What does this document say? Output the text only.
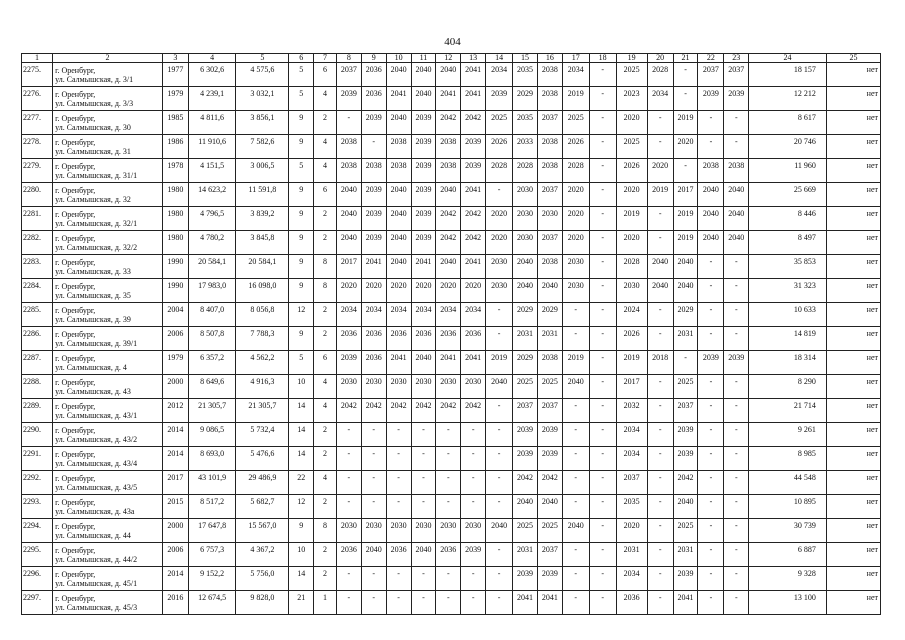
404
1	2	3	4	5	6	7	8	9	10	11	12	13	14	15	16	17	18	19	20	21	22	23	24	25
2275.	г. Оренбург,
ул. Салмышская, д. 3/1	1977	6 302,6	4 575,6	5	6	2037	2036	2040	2040	2040	2041	2034	2035	2038	2034	-	2025	2028	-	2037	2037	18 157	нет
2276.	г. Оренбург,
ул. Салмышская, д. 3/3	1979	4 239,1	3 032,1	5	4	2039	2036	2041	2040	2041	2041	2039	2029	2038	2019	-	2023	2034	-	2039	2039	12 212	нет
2277.	г. Оренбург,
ул. Салмышская, д. 30	1985	4 811,6	3 856,1	9	2	-	2039	2040	2039	2042	2042	2025	2035	2037	2025	-	2020	-	2019	-	-	8 617	нет
2278.	г. Оренбург,
ул. Салмышская, д. 31	1986	11 910,6	7 582,6	9	4	2038	-	2038	2039	2038	2039	2026	2033	2038	2026	-	2025	-	2020	-	-	20 746	нет
2279.	г. Оренбург,
ул. Салмышская, д. 31/1	1978	4 151,5	3 006,5	5	4	2038	2038	2038	2039	2038	2039	2028	2028	2038	2028	-	2026	2020	-	2038	2038	11 960	нет
2280.	г. Оренбург,
ул. Салмышская, д. 32	1980	14 623,2	11 591,8	9	6	2040	2039	2040	2039	2040	2041	-	2030	2037	2020	-	2020	2019	2017	2040	2040	25 669	нет
2281.	г. Оренбург,
ул. Салмышская, д. 32/1	1980	4 796,5	3 839,2	9	2	2040	2039	2040	2039	2042	2042	2020	2030	2030	2020	-	2019	-	2019	2040	2040	8 446	нет
2282.	г. Оренбург,
ул. Салмышская, д. 32/2	1980	4 780,2	3 845,8	9	2	2040	2039	2040	2039	2042	2042	2020	2030	2037	2020	-	2020	-	2019	2040	2040	8 497	нет
2283.	г. Оренбург,
ул. Салмышская, д. 33	1990	20 584,1	20 584,1	9	8	2017	2041	2040	2041	2040	2041	2030	2040	2038	2030	-	2028	2040	2040	-	-	35 853	нет
2284.	г. Оренбург,
ул. Салмышская, д. 35	1990	17 983,0	16 098,0	9	8	2020	2020	2020	2020	2020	2020	2030	2040	2040	2030	-	2030	2040	2040	-	-	31 323	нет
2285.	г. Оренбург,
ул. Салмышская, д. 39	2004	8 407,0	8 056,8	12	2	2034	2034	2034	2034	2034	2034	-	2029	2029	-	-	2024	-	2029	-	-	10 633	нет
2286.	г. Оренбург,
ул. Салмышская, д. 39/1	2006	8 507,8	7 788,3	9	2	2036	2036	2036	2036	2036	2036	-	2031	2031	-	-	2026	-	2031	-	-	14 819	нет
2287.	г. Оренбург,
ул. Салмышская, д. 4	1979	6 357,2	4 562,2	5	6	2039	2036	2041	2040	2041	2041	2019	2029	2038	2019	-	2019	2018	-	2039	2039	18 314	нет
2288.	г. Оренбург,
ул. Салмышская, д. 43	2000	8 649,6	4 916,3	10	4	2030	2030	2030	2030	2030	2030	2040	2025	2025	2040	-	2017	-	2025	-	-	8 290	нет
2289.	г. Оренбург,
ул. Салмышская, д. 43/1	2012	21 305,7	21 305,7	14	4	2042	2042	2042	2042	2042	2042	-	2037	2037	-	-	2032	-	2037	-	-	21 714	нет
2290.	г. Оренбург,
ул. Салмышская, д. 43/2	2014	9 086,5	5 732,4	14	2	-	-	-	-	-	-	-	2039	2039	-	-	2034	-	2039	-	-	9 261	нет
2291.	г. Оренбург,
ул. Салмышская, д. 43/4	2014	8 693,0	5 476,6	14	2	-	-	-	-	-	-	-	2039	2039	-	-	2034	-	2039	-	-	8 985	нет
2292.	г. Оренбург,
ул. Салмышская, д. 43/5	2017	43 101,9	29 486,9	22	4	-	-	-	-	-	-	-	2042	2042	-	-	2037	-	2042	-	-	44 548	нет
2293.	г. Оренбург,
ул. Салмышская, д. 43а	2015	8 517,2	5 682,7	12	2	-	-	-	-	-	-	-	2040	2040	-	-	2035	-	2040	-	-	10 895	нет
2294.	г. Оренбург,
ул. Салмышская, д. 44	2000	17 647,8	15 567,0	9	8	2030	2030	2030	2030	2030	2030	2040	2025	2025	2040	-	2020	-	2025	-	-	30 739	нет
2295.	г. Оренбург,
ул. Салмышская, д. 44/2	2006	6 757,3	4 367,2	10	2	2036	2040	2036	2040	2036	2039	-	2031	2037	-	-	2031	-	2031	-	-	6 887	нет
2296.	г. Оренбург,
ул. Салмышская, д. 45/1	2014	9 152,2	5 756,0	14	2	-	-	-	-	-	-	-	2039	2039	-	-	2034	-	2039	-	-	9 328	нет
2297.	г. Оренбург,
ул. Салмышская, д. 45/3	2016	12 674,5	9 828,0	21	1	-	-	-	-	-	-	-	2041	2041	-	-	2036	-	2041	-	-	13 100	нет
